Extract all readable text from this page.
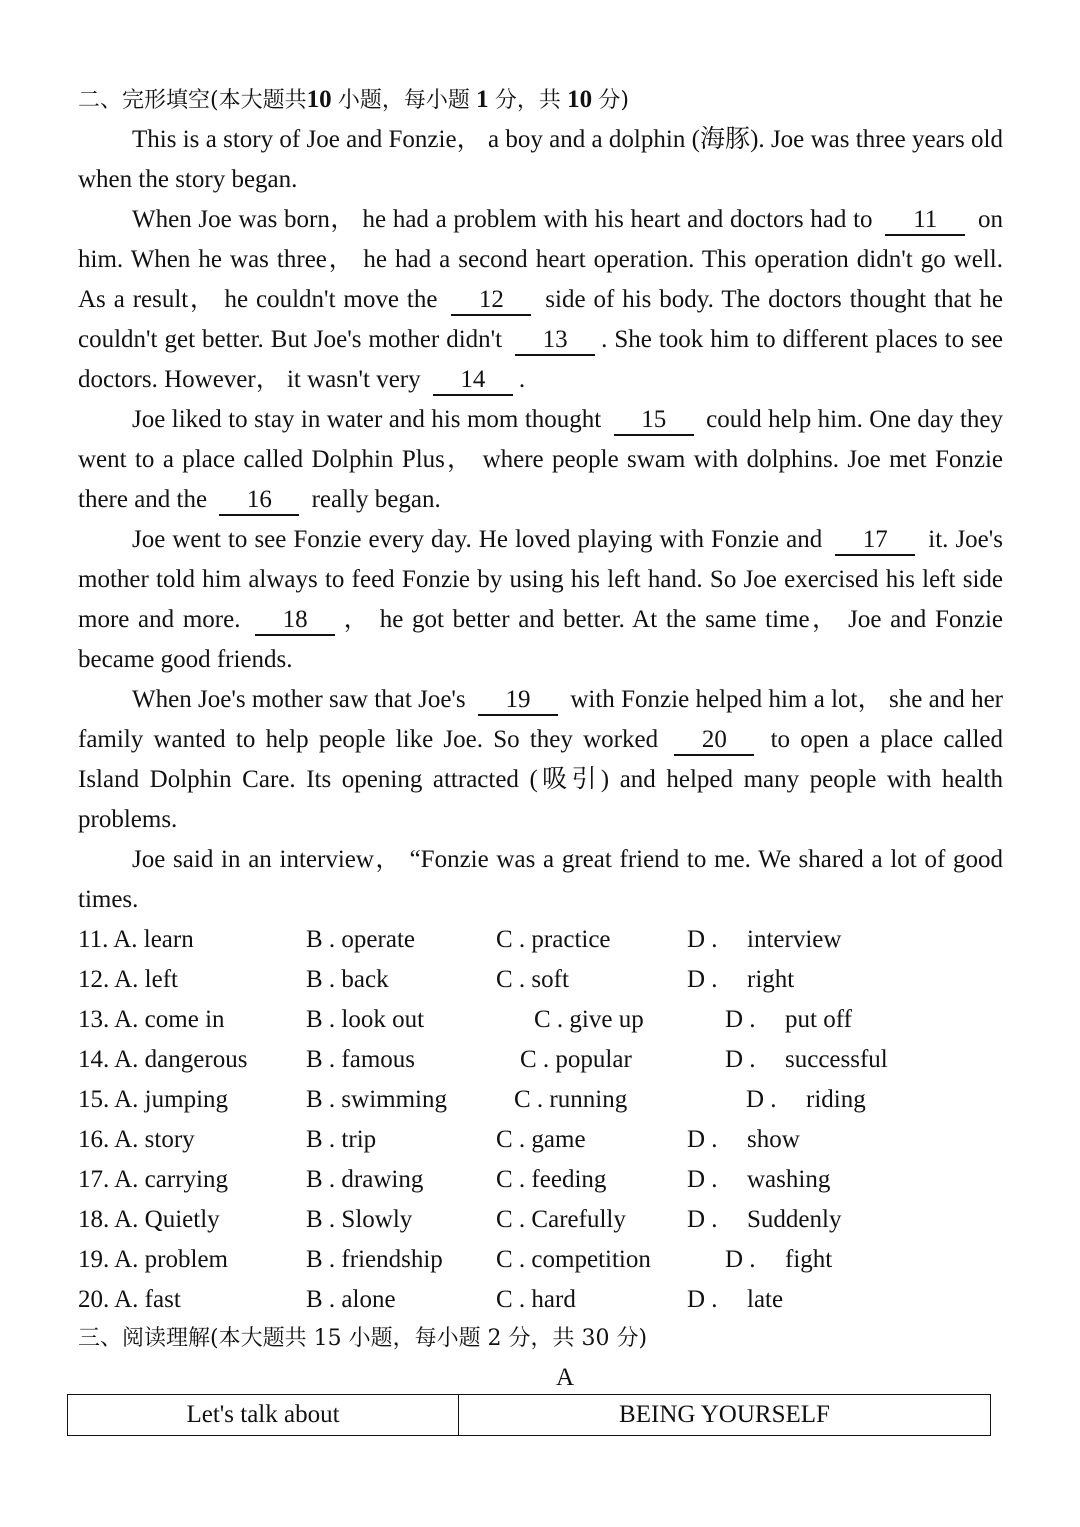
二、完形填空(本大题共10 小题，每小题 1 分，共 10 分)

This is a story of Joe and Fonzie， a boy and a dolphin (海豚). Joe was three years old when the story began.

When Joe was born， he had a problem with his heart and doctors had to 11 on him. When he was three， he had a second heart operation. This operation didn't go well. As a result， he couldn't move the 12 side of his body. The doctors thought that he couldn't get better. But Joe's mother didn't 13 . She took him to different places to see doctors. However， it wasn't very 14 .

Joe liked to stay in water and his mom thought 15 could help him. One day they went to a place called Dolphin Plus， where people swam with dolphins. Joe met Fonzie there and the 16 really began.

Joe went to see Fonzie every day. He loved playing with Fonzie and 17 it. Joe's mother told him always to feed Fonzie by using his left hand. So Joe exercised his left side more and more. 18 ， he got better and better. At the same time， Joe and Fonzie became good friends.

When Joe's mother saw that Joe's 19 with Fonzie helped him a lot， she and her family wanted to help people like Joe. So they worked 20 to open a place called Island Dolphin Care. Its opening attracted (吸引) and helped many people with health problems.

Joe said in an interview， “Fonzie was a great friend to me. We shared a lot of good times.

11. A. learn	B . operate	C . practice	D . interview
12. A. left	B . back	C . soft	D . right
13. A. come in	B . look out	C . give up	D . put off
14. A. dangerous B . famous	C . popular	D . successful
15. A. jumping	B . swimming	C . running	D . riding
16. A. story	B . trip	C . game	D . show
17. A. carrying	B . drawing	C . feeding	D . washing
18. A. Quietly	B . Slowly	C . Carefully D . Suddenly
19. A. problem	B . friendship C . competition	D . fight
20. A. fast	B . alone	C . hard	D . late
三、阅读理解(本大题共 15 小题，每小题 2 分，共 30 分)
A
Let's talk about	BEING YOURSELF
